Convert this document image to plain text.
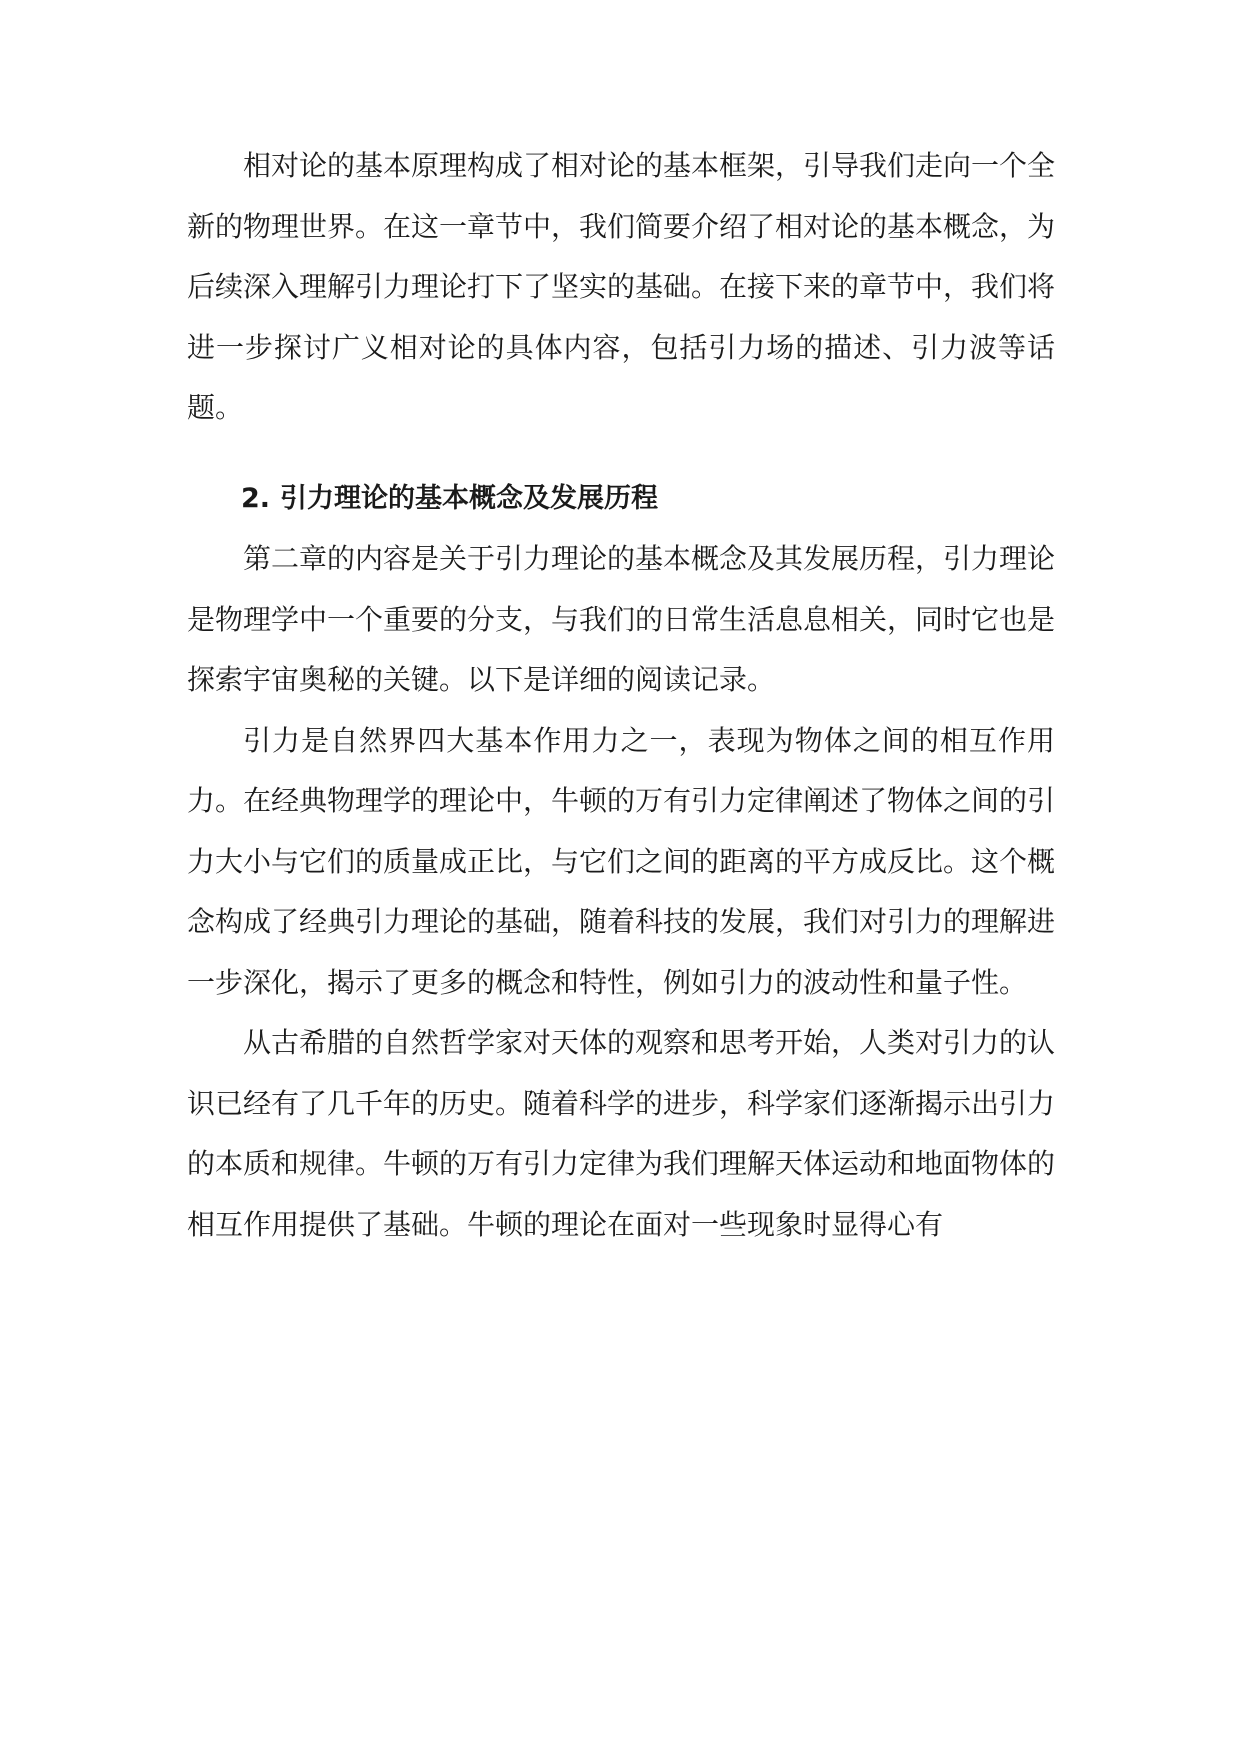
相对论的基本原理构成了相对论的基本框架，引导我们走向一个全新的物理世界。在这一章节中，我们简要介绍了相对论的基本概念，为后续深入理解引力理论打下了坚实的基础。在接下来的章节中，我们将进一步探讨广义相对论的具体内容，包括引力场的描述、引力波等话题。

2. 引力理论的基本概念及发展历程

第二章的内容是关于引力理论的基本概念及其发展历程，引力理论是物理学中一个重要的分支，与我们的日常生活息息相关，同时它也是探索宇宙奥秘的关键。以下是详细的阅读记录。

引力是自然界四大基本作用力之一，表现为物体之间的相互作用力。在经典物理学的理论中，牛顿的万有引力定律阐述了物体之间的引力大小与它们的质量成正比，与它们之间的距离的平方成反比。这个概念构成了经典引力理论的基础，随着科技的发展，我们对引力的理解进一步深化，揭示了更多的概念和特性，例如引力的波动性和量子性。

从古希腊的自然哲学家对天体的观察和思考开始，人类对引力的认识已经有了几千年的历史。随着科学的进步，科学家们逐渐揭示出引力的本质和规律。牛顿的万有引力定律为我们理解天体运动和地面物体的相互作用提供了基础。牛顿的理论在面对一些现象时显得心有
